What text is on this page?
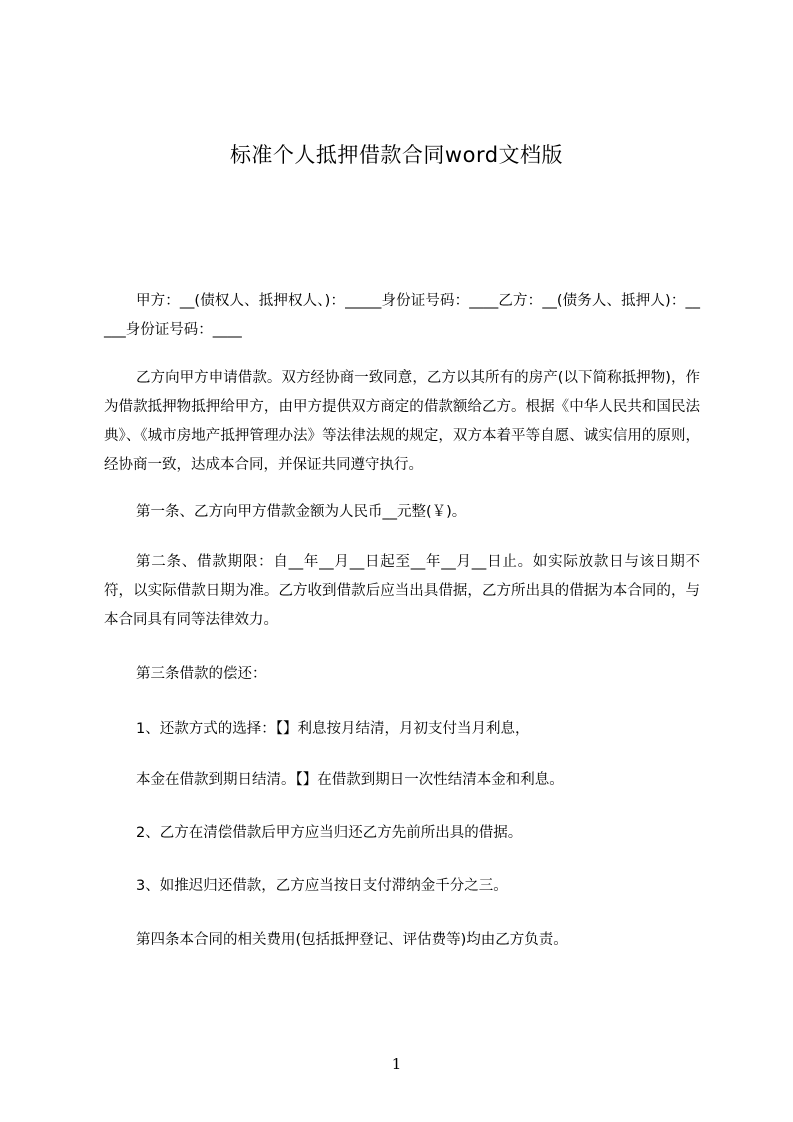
标准个人抵押借款合同word文档版

甲方：__(债权人、抵押权人、)：_____身份证号码：____乙方：__(债务人、抵押人)：_____身份证号码：____

乙方向甲方申请借款。双方经协商一致同意，乙方以其所有的房产(以下简称抵押物)，作为借款抵押物抵押给甲方，由甲方提供双方商定的借款额给乙方。根据《中华人民共和国民法典》、《城市房地产抵押管理办法》等法律法规的规定，双方本着平等自愿、诚实信用的原则，经协商一致，达成本合同，并保证共同遵守执行。

第一条、乙方向甲方借款金额为人民币__元整(￥)。

第二条、借款期限：自__年__月__日起至__年__月__日止。如实际放款日与该日期不符，以实际借款日期为准。乙方收到借款后应当出具借据，乙方所出具的借据为本合同的，与本合同具有同等法律效力。

第三条借款的偿还：

1、还款方式的选择：【】利息按月结清，月初支付当月利息，

本金在借款到期日结清。【】在借款到期日一次性结清本金和利息。

2、乙方在清偿借款后甲方应当归还乙方先前所出具的借据。

3、如推迟归还借款，乙方应当按日支付滞纳金千分之三。

第四条本合同的相关费用(包括抵押登记、评估费等)均由乙方负责。

1
